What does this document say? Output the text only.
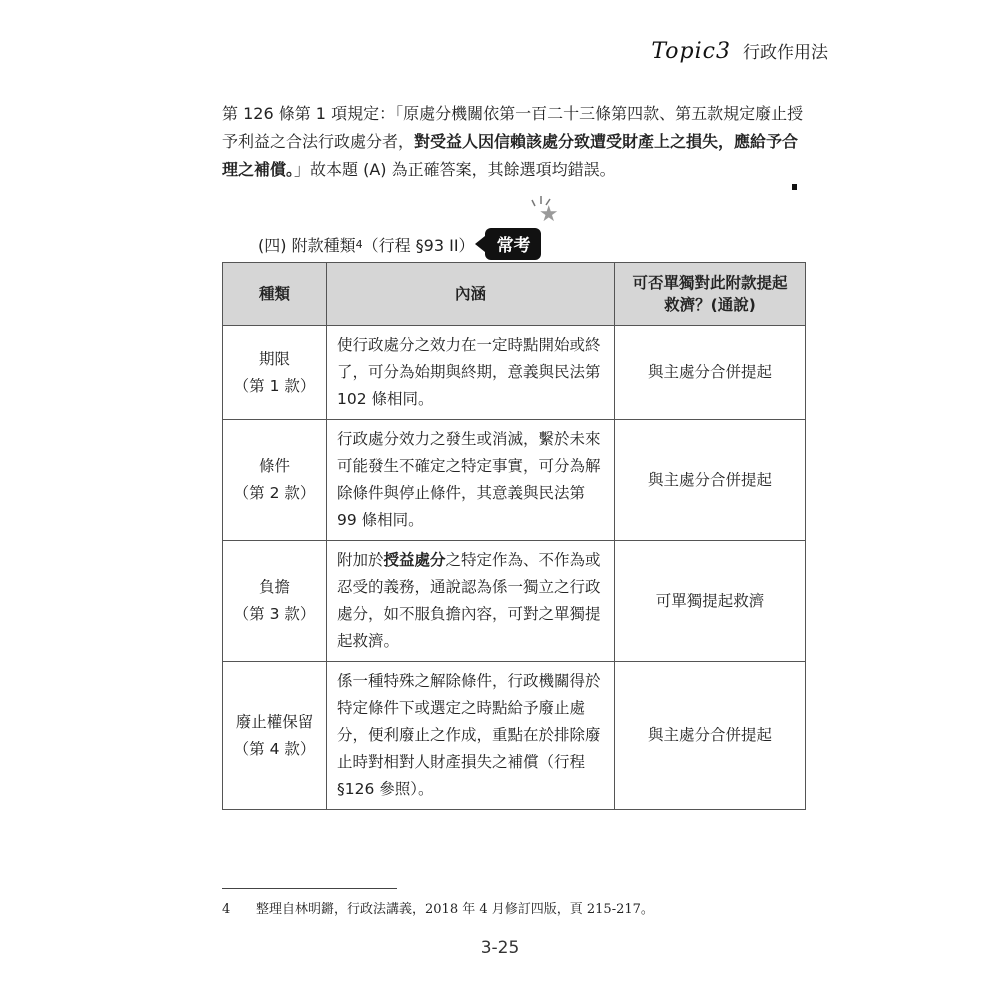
Topic3 行政作用法

第 126 條第 1 項規定：「原處分機關依第一百二十三條第四款、第五款規定廢止授予利益之合法行政處分者，對受益人因信賴該處分致遭受財產上之損失，應給予合理之補償。」故本題 (A) 為正確答案，其餘選項均錯誤。

(四) 附款種類 4 （行程 §93 II）	常考
★
種類	內涵	可否單獨對此附款提起救濟？(通說)
期限
（第 1 款）	使行政處分之效力在一定時點開始或終了，可分為始期與終期，意義與民法第 102 條相同。	與主處分合併提起
條件
（第 2 款）	行政處分效力之發生或消滅，繫於未來可能發生不確定之特定事實，可分為解除條件與停止條件，其意義與民法第 99 條相同。	與主處分合併提起
負擔
（第 3 款）	附加於授益處分之特定作為、不作為或忍受的義務，通說認為係一獨立之行政處分，如不服負擔內容，可對之單獨提起救濟。	可單獨提起救濟
廢止權保留
（第 4 款）	係一種特殊之解除條件，行政機關得於特定條件下或選定之時點給予廢止處分，便利廢止之作成，重點在於排除廢止時對相對人財產損失之補償（行程 §126 參照）。	與主處分合併提起
4 整理自林明鏘，行政法講義，2018 年 4 月修訂四版，頁 215-217。
3-25
